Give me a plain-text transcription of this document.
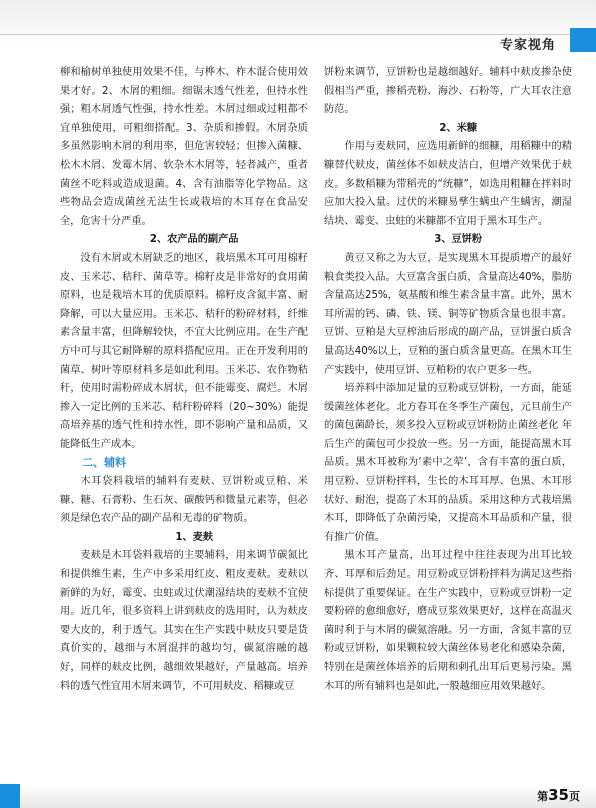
专家视角

柳和榆树单独使用效果不佳，与桦木、柞木混合使用效果才好。2、木屑的粗细。细锯末透气性差，但持水性强；粗木屑透气性强，持水性差。木屑过细或过粗都不宜单独使用，可粗细搭配。3、杂质和掺假。木屑杂质多虽然影响木屑的利用率，但危害较轻；但掺入菌糠、松木木屑、发霉木屑、软杂木木屑等，轻者减产，重者菌丝不吃料或造成退菌。4、含有油脂等化学物品。这些物品会造成菌丝无法生长或栽培的木耳存在食品安全，危害十分严重。

2、农产品的副产品

没有木屑或木屑缺乏的地区，栽培黑木耳可用棉籽皮、玉米芯、秸秆、菌草等。棉籽皮是非常好的食用菌原料，也是栽培木耳的优质原料。棉籽皮含氮丰富、耐降解，可以大量应用。玉米芯、秸秆的粉碎材料，纤维素含量丰富，但降解较快，不宜大比例应用。在生产配方中可与其它耐降解的原料搭配应用。正在开发利用的菌草、树叶等原材料多是如此利用。玉米芯、农作物秸秆，使用时需粉碎成木屑状，但不能霉变、腐烂。木屑掺入一定比例的玉米芯、秸秆粉碎料（20~30%）能提高培养基的透气性和持水性，即不影响产量和品质，又能降低生产成本。

二、辅料

木耳袋料栽培的辅料有麦麸、豆饼粉或豆粕、米糠、糖、石膏粉、生石灰、碳酸钙和微量元素等，但必须是绿色农产品的副产品和无毒的矿物质。

1、麦麸

麦麸是木耳袋料栽培的主要辅料，用来调节碳氮比和提供维生素，生产中多采用红皮、粗皮麦麸。麦麸以新鲜的为好，霉变、虫蛀或过伏潮湿结块的麦麸不宜使用。近几年，很多资料上讲到麸皮的选用时，认为麸皮要大皮的，利于透气。其实在生产实践中麸皮只要是货真价实的，越细与木屑混拌的越均匀，碳氮溶融的越好，同样的麸皮比例，越细效果越好，产量越高。培养料的透气性宜用木屑来调节，不可用麸皮、稻糠或豆

饼粉来调节，豆饼粉也是越细越好。辅料中麸皮掺杂使假相当严重，掺稻壳粉、海沙、石粉等，广大耳农注意防范。

2、米糠

作用与麦麸同，应选用新鲜的细糠，用稻糠中的精糠替代麸皮，菌丝体不如麸皮洁白，但增产效果优于麸皮。多数稻糠为带稻壳的“统糠”，如选用粗糠在拌料时应加大投入量。过伏的米糠易孳生螨虫产生螨害，潮湿结块、霉变、虫蛀的米糠都不宜用于黑木耳生产。

3、豆饼粉

黄豆又称之为大豆，是实现黑木耳提质增产的最好粮食类投入品。大豆富含蛋白质，含量高达40%，脂肪含量高达25%，氨基酸和维生素含量丰富。此外，黑木耳所需的钙、磷、铁、镁、铜等矿物质含量也很丰富。豆饼、豆粕是大豆榨油后形成的副产品，豆饼蛋白质含量高达40%以上，豆粕的蛋白质含量更高。在黑木耳生产实践中，使用豆饼、豆粕粉的农户更多一些。

培养料中添加足量的豆粉或豆饼粉，一方面，能延缓菌丝体老化。北方春耳在冬季生产菌包，元旦前生产的菌包菌龄长，须多投入豆粉或豆饼粉防止菌丝老化 年后生产的菌包可少投放一些。另一方面，能提高黑木耳品质。黑木耳被称为‘素中之荤’，含有丰富的蛋白质，用豆粉、豆饼粉拌料，生长的木耳耳厚、色黑、木耳形状好、耐泡，提高了木耳的品质。采用这种方式栽培黑木耳，即降低了杂菌污染，又提高木耳品质和产量，很有推广价值。

黑木耳产量高，出耳过程中往往表现为出耳比较齐、耳厚和后劲足。用豆粉或豆饼粉拌料为满足这些指标提供了重要保证。在生产实践中，豆粉或豆饼粉一定要粉碎的愈细愈好，磨成豆浆效果更好，这样在高温灭菌时利于与木屑的碳氮溶融。另一方面，含氮丰富的豆粉或豆饼粉，如果颗粒较大菌丝体易老化和感染杂菌，特别在是菌丝体培养的后期和刺孔出耳后更易污染。黑木耳的所有辅料也是如此,一般越细应用效果越好。

第35页
